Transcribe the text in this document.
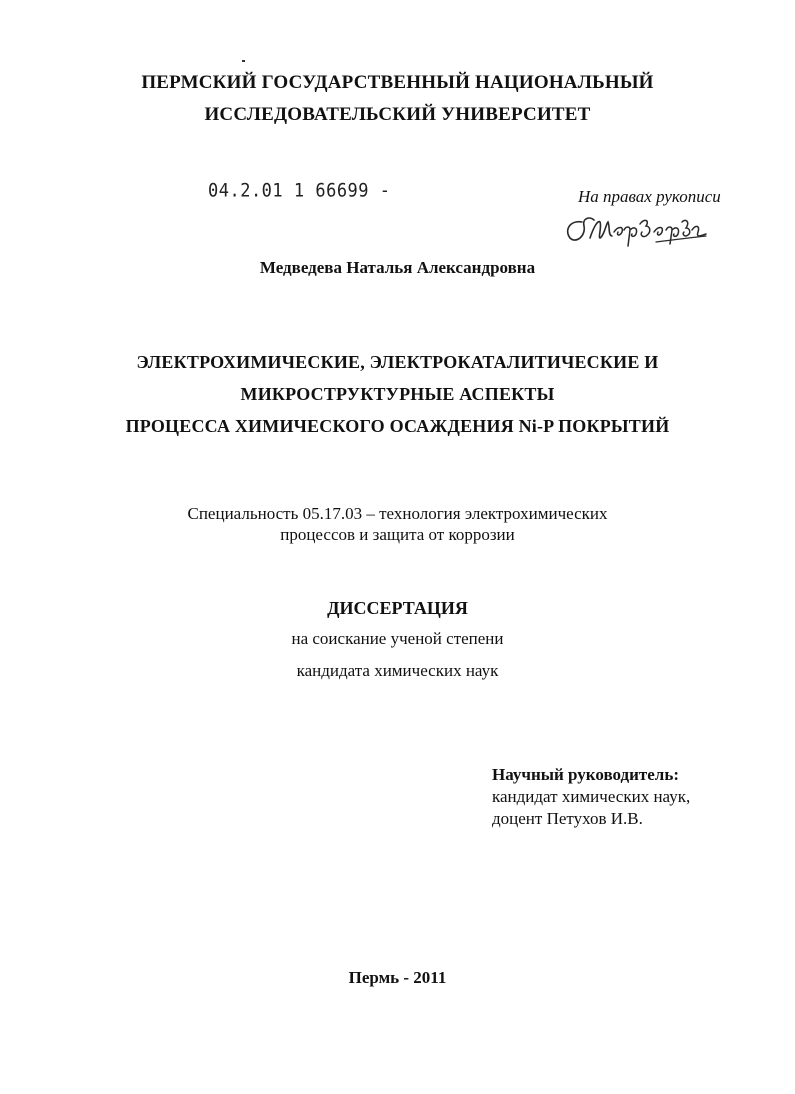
ПЕРМСКИЙ ГОСУДАРСТВЕННЫЙ НАЦИОНАЛЬНЫЙ
ИССЛЕДОВАТЕЛЬСКИЙ УНИВЕРСИТЕТ
04.2.01 1 66699 -	На правах рукописи
Медведева Наталья Александровна
ЭЛЕКТРОХИМИЧЕСКИЕ, ЭЛЕКТРОКАТАЛИТИЧЕСКИЕ И
МИКРОСТРУКТУРНЫЕ АСПЕКТЫ
ПРОЦЕССА ХИМИЧЕСКОГО ОСАЖДЕНИЯ Ni-P ПОКРЫТИЙ
Специальность 05.17.03 – технология электрохимических
процессов и защита от коррозии
ДИССЕРТАЦИЯ
на соискание ученой степени
кандидата химических наук
Научный руководитель:
кандидат химических наук,
доцент Петухов И.В.
Пермь - 2011
